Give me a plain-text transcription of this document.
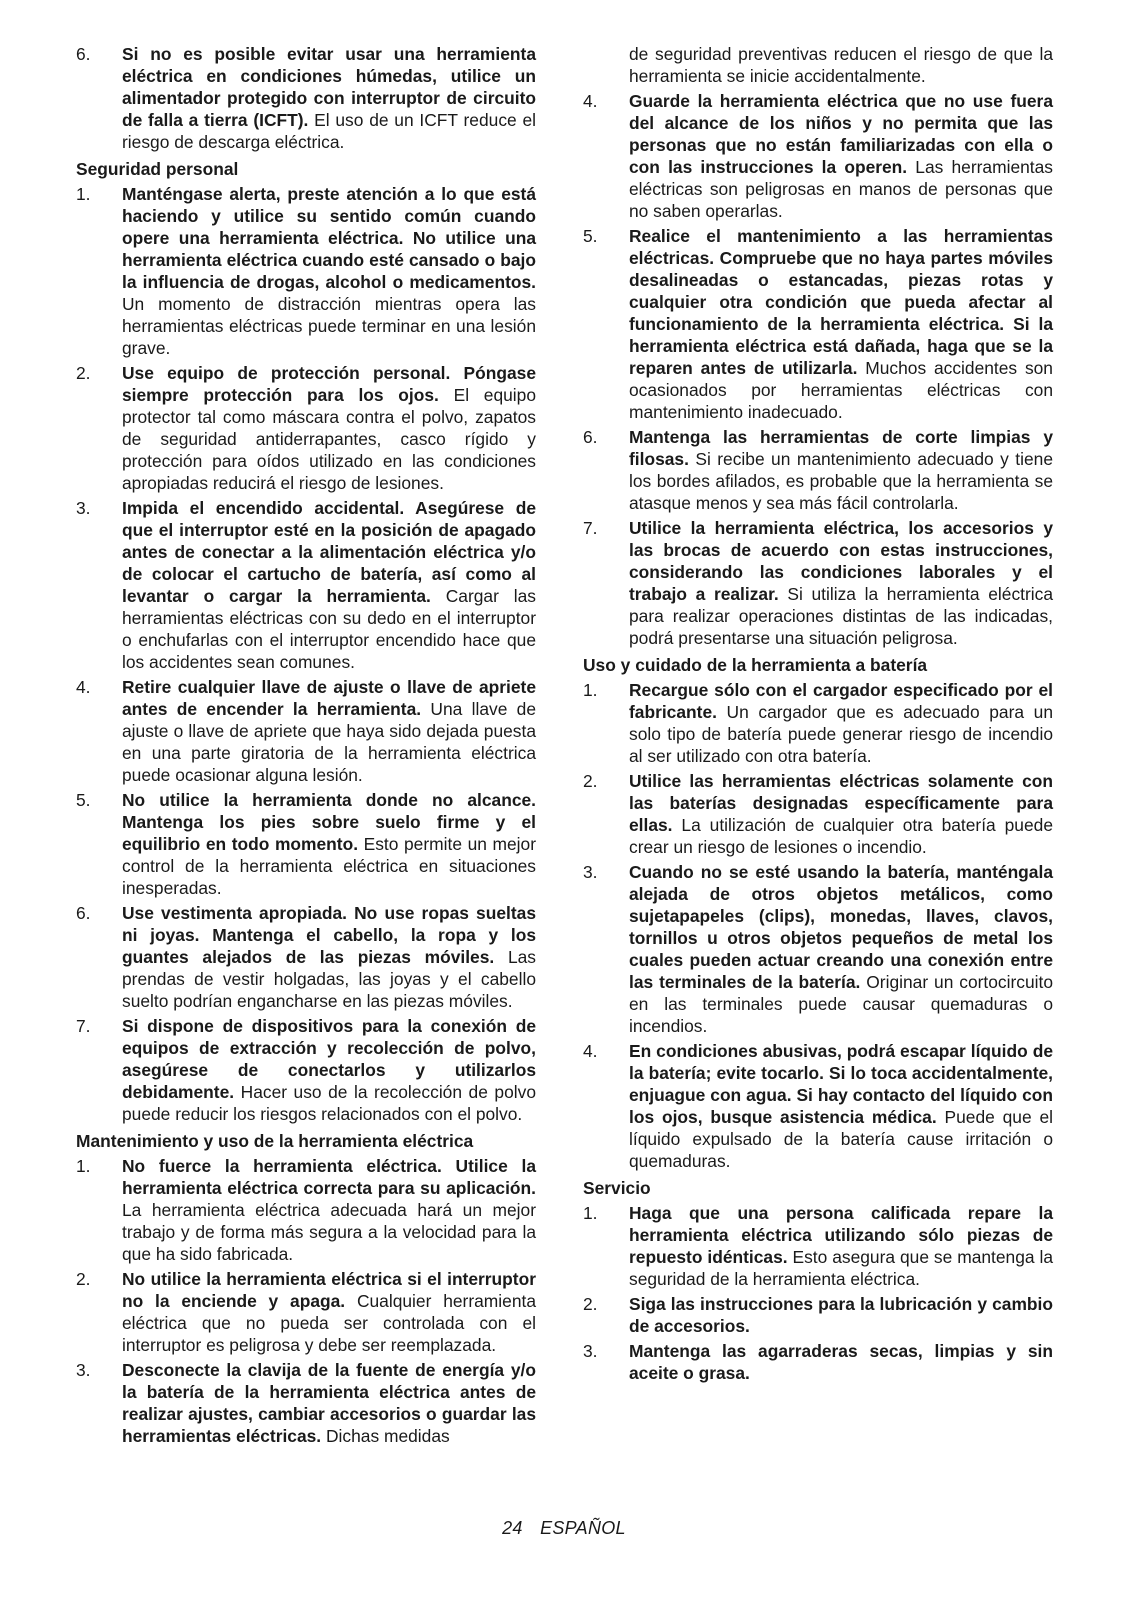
6.	Si no es posible evitar usar una herramienta eléctrica en condiciones húmedas, utilice un alimentador protegido con interruptor de circuito de falla a tierra (ICFT). El uso de un ICFT reduce el riesgo de descarga eléctrica.
Seguridad personal
1.	Manténgase alerta, preste atención a lo que está haciendo y utilice su sentido común cuando opere una herramienta eléctrica. No utilice una herramienta eléctrica cuando esté cansado o bajo la influencia de drogas, alcohol o medicamentos. Un momento de distracción mientras opera las herramientas eléctricas puede terminar en una lesión grave.
2.	Use equipo de protección personal. Póngase siempre protección para los ojos. El equipo protector tal como máscara contra el polvo, zapatos de seguridad antiderrapantes, casco rígido y protección para oídos utilizado en las condiciones apropiadas reducirá el riesgo de lesiones.
3.	Impida el encendido accidental. Asegúrese de que el interruptor esté en la posición de apagado antes de conectar a la alimentación eléctrica y/o de colocar el cartucho de batería, así como al levantar o cargar la herramienta. Cargar las herramientas eléctricas con su dedo en el interruptor o enchufarlas con el interruptor encendido hace que los accidentes sean comunes.
4.	Retire cualquier llave de ajuste o llave de apriete antes de encender la herramienta. Una llave de ajuste o llave de apriete que haya sido dejada puesta en una parte giratoria de la herramienta eléctrica puede ocasionar alguna lesión.
5.	No utilice la herramienta donde no alcance. Mantenga los pies sobre suelo firme y el equilibrio en todo momento. Esto permite un mejor control de la herramienta eléctrica en situaciones inesperadas.
6.	Use vestimenta apropiada. No use ropas sueltas ni joyas. Mantenga el cabello, la ropa y los guantes alejados de las piezas móviles. Las prendas de vestir holgadas, las joyas y el cabello suelto podrían engancharse en las piezas móviles.
7.	Si dispone de dispositivos para la conexión de equipos de extracción y recolección de polvo, asegúrese de conectarlos y utilizarlos debidamente. Hacer uso de la recolección de polvo puede reducir los riesgos relacionados con el polvo.
Mantenimiento y uso de la herramienta eléctrica
1.	No fuerce la herramienta eléctrica. Utilice la herramienta eléctrica correcta para su aplicación. La herramienta eléctrica adecuada hará un mejor trabajo y de forma más segura a la velocidad para la que ha sido fabricada.
2.	No utilice la herramienta eléctrica si el interruptor no la enciende y apaga. Cualquier herramienta eléctrica que no pueda ser controlada con el interruptor es peligrosa y debe ser reemplazada.
3.	Desconecte la clavija de la fuente de energía y/o la batería de la herramienta eléctrica antes de realizar ajustes, cambiar accesorios o guardar las herramientas eléctricas. Dichas medidas
de seguridad preventivas reducen el riesgo de que la herramienta se inicie accidentalmente.
4.	Guarde la herramienta eléctrica que no use fuera del alcance de los niños y no permita que las personas que no están familiarizadas con ella o con las instrucciones la operen. Las herramientas eléctricas son peligrosas en manos de personas que no saben operarlas.
5.	Realice el mantenimiento a las herramientas eléctricas. Compruebe que no haya partes móviles desalineadas o estancadas, piezas rotas y cualquier otra condición que pueda afectar al funcionamiento de la herramienta eléctrica. Si la herramienta eléctrica está dañada, haga que se la reparen antes de utilizarla. Muchos accidentes son ocasionados por herramientas eléctricas con mantenimiento inadecuado.
6.	Mantenga las herramientas de corte limpias y filosas. Si recibe un mantenimiento adecuado y tiene los bordes afilados, es probable que la herramienta se atasque menos y sea más fácil controlarla.
7.	Utilice la herramienta eléctrica, los accesorios y las brocas de acuerdo con estas instrucciones, considerando las condiciones laborales y el trabajo a realizar. Si utiliza la herramienta eléctrica para realizar operaciones distintas de las indicadas, podrá presentarse una situación peligrosa.
Uso y cuidado de la herramienta a batería
1.	Recargue sólo con el cargador especificado por el fabricante. Un cargador que es adecuado para un solo tipo de batería puede generar riesgo de incendio al ser utilizado con otra batería.
2.	Utilice las herramientas eléctricas solamente con las baterías designadas específicamente para ellas. La utilización de cualquier otra batería puede crear un riesgo de lesiones o incendio.
3.	Cuando no se esté usando la batería, manténgala alejada de otros objetos metálicos, como sujetapapeles (clips), monedas, llaves, clavos, tornillos u otros objetos pequeños de metal los cuales pueden actuar creando una conexión entre las terminales de la batería. Originar un cortocircuito en las terminales puede causar quemaduras o incendios.
4.	En condiciones abusivas, podrá escapar líquido de la batería; evite tocarlo. Si lo toca accidentalmente, enjuague con agua. Si hay contacto del líquido con los ojos, busque asistencia médica. Puede que el líquido expulsado de la batería cause irritación o quemaduras.
Servicio
1.	Haga que una persona calificada repare la herramienta eléctrica utilizando sólo piezas de repuesto idénticas. Esto asegura que se mantenga la seguridad de la herramienta eléctrica.
2.	Siga las instrucciones para la lubricación y cambio de accesorios.
3.	Mantenga las agarraderas secas, limpias y sin aceite o grasa.
24 ESPAÑOL
